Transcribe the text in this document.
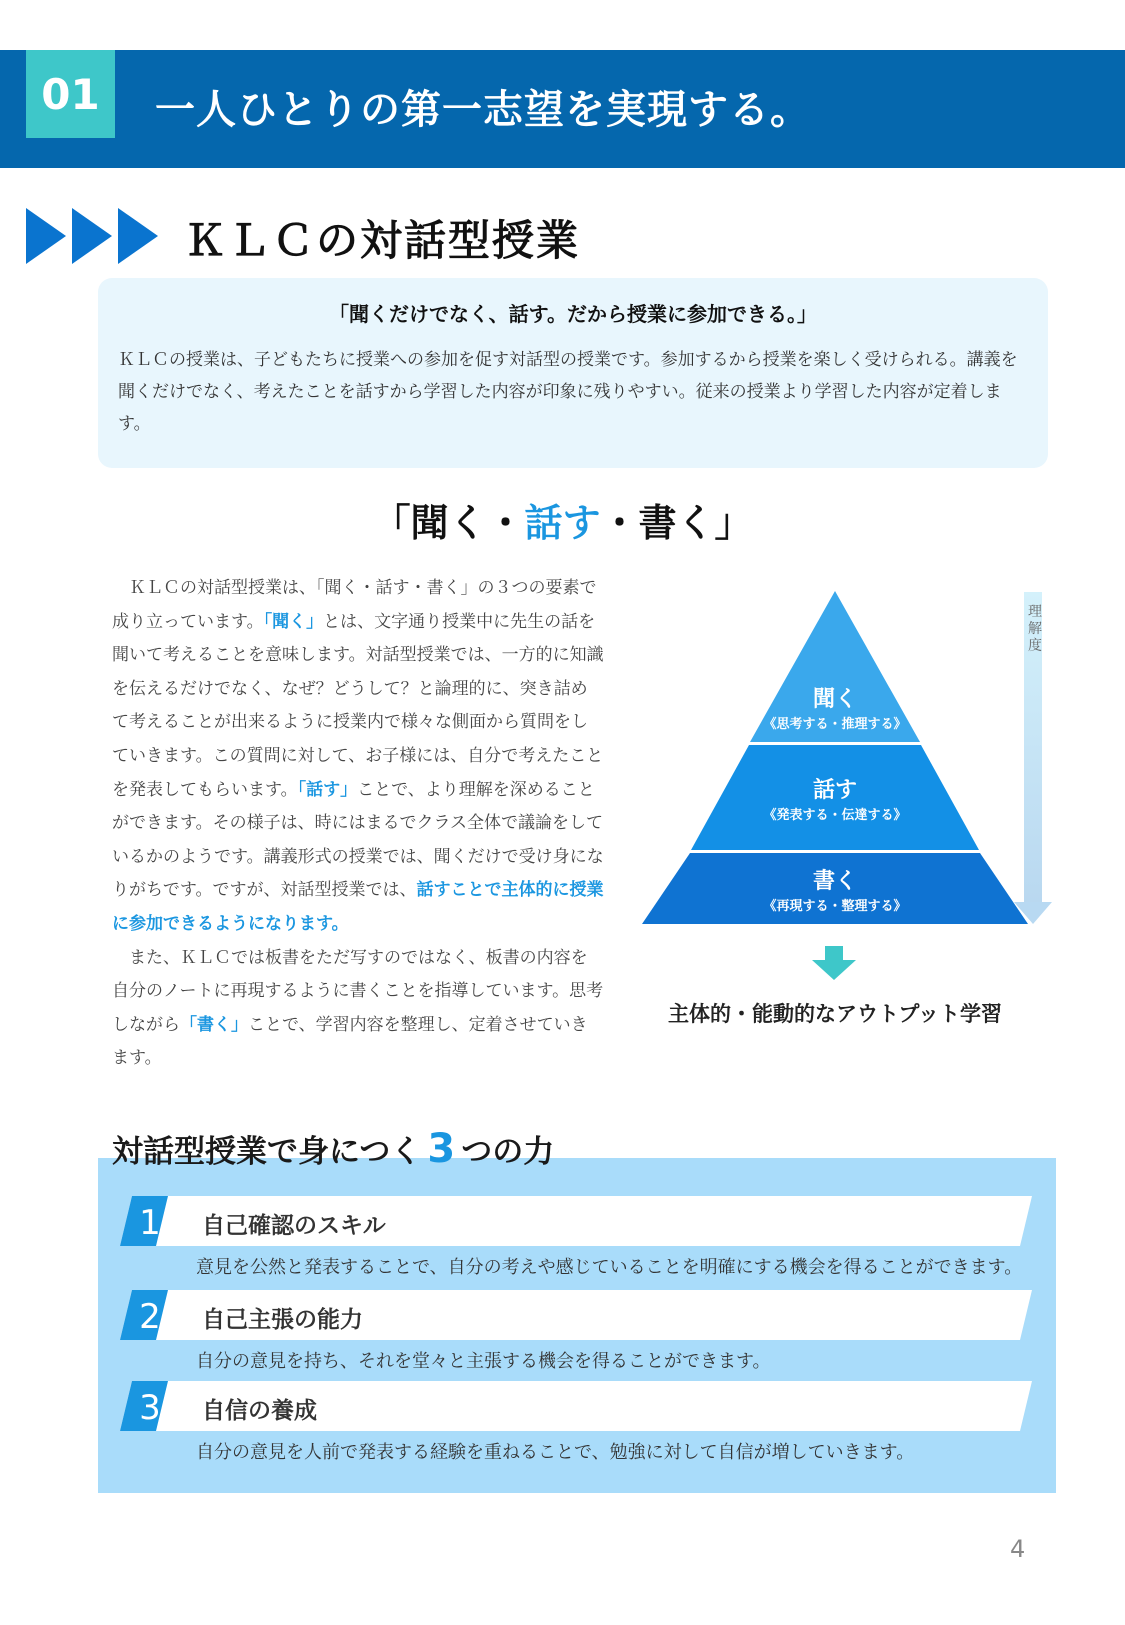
01	一人ひとりの第一志望を実現する。
ＫＬＣの対話型授業
「聞くだけでなく、話す。だから授業に参加できる。」
ＫＬＣの授業は、子どもたちに授業への参加を促す対話型の授業です。参加するから授業を楽しく受けられる。講義を聞くだけでなく、考えたことを話すから学習した内容が印象に残りやすい。従来の授業より学習した内容が定着します。
「聞く・話す・書く」
　ＫＬＣの対話型授業は、「聞く・話す・書く」の３つの要素で成り立っています。「聞く」とは、文字通り授業中に先生の話を聞いて考えることを意味します。対話型授業では、一方的に知識を伝えるだけでなく、なぜ？どうして？と論理的に、突き詰めて考えることが出来るように授業内で様々な側面から質問をしていきます。この質問に対して、お子様には、自分で考えたことを発表してもらいます。「話す」ことで、より理解を深めることができます。その様子は、時にはまるでクラス全体で議論をしているかのようです。講義形式の授業では、聞くだけで受け身になりがちです。ですが、対話型授業では、話すことで主体的に授業に参加できるようになります。
　また、ＫＬＣでは板書をただ写すのではなく、板書の内容を自分のノートに再現するように書くことを指導しています。思考しながら「書く」ことで、学習内容を整理し、定着させていきます。
聞く
《思考する・推理する》
話す
《発表する・伝達する》
書く
《再現する・整理する》
理解度
主体的・能動的なアウトプット学習
対話型授業で身につく 3 つの力
1	自己確認のスキル
意見を公然と発表することで、自分の考えや感じていることを明確にする機会を得ることができます。
2	自己主張の能力
自分の意見を持ち、それを堂々と主張する機会を得ることができます。
3	自信の養成
自分の意見を人前で発表する経験を重ねることで、勉強に対して自信が増していきます。
4
